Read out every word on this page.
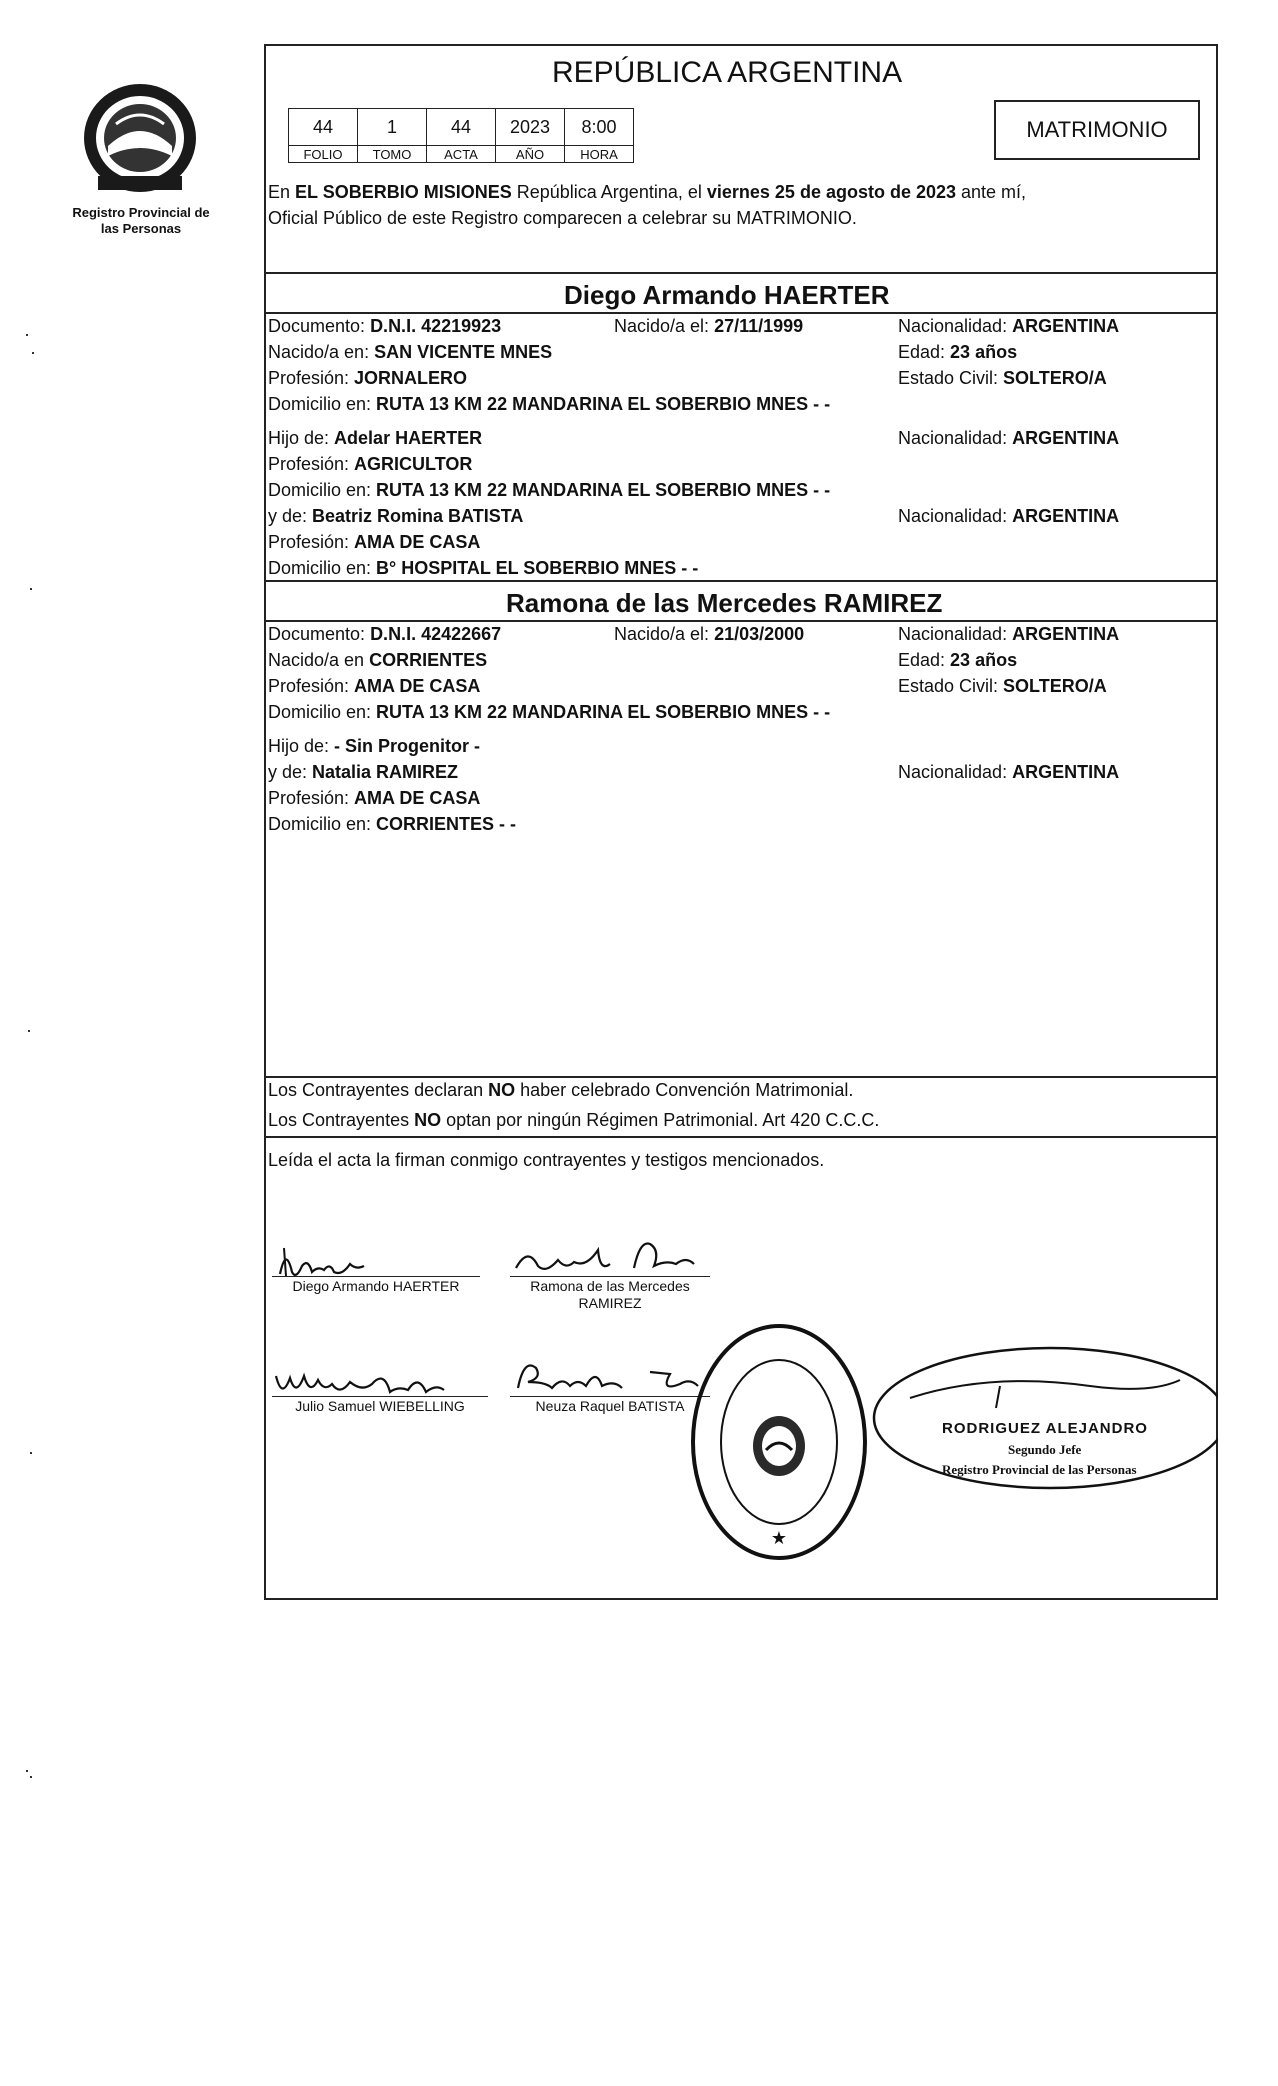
Registro Provincial de las Personas
REPÚBLICA ARGENTINA
44	1	44	2023	8:00
FOLIO	TOMO	ACTA	AÑO	HORA
MATRIMONIO
En EL SOBERBIO MISIONES República Argentina, el viernes 25 de agosto de 2023 ante mí,
Oficial Público de este Registro comparecen a celebrar su MATRIMONIO.
Diego Armando HAERTER
Documento: D.N.I. 42219923	Nacido/a el: 27/11/1999	Nacionalidad: ARGENTINA
Nacido/a en: SAN VICENTE MNES	Edad: 23 años
Profesión: JORNALERO	Estado Civil: SOLTERO/A
Domicilio en: RUTA 13 KM 22 MANDARINA EL SOBERBIO MNES - -
Hijo de: Adelar HAERTER	Nacionalidad: ARGENTINA
Profesión: AGRICULTOR
Domicilio en: RUTA 13 KM 22 MANDARINA EL SOBERBIO MNES - -
y de: Beatriz Romina BATISTA	Nacionalidad: ARGENTINA
Profesión: AMA DE CASA
Domicilio en: B° HOSPITAL EL SOBERBIO MNES - -
Ramona de las Mercedes RAMIREZ
Documento: D.N.I. 42422667	Nacido/a el: 21/03/2000	Nacionalidad: ARGENTINA
Nacido/a en CORRIENTES	Edad: 23 años
Profesión: AMA DE CASA	Estado Civil: SOLTERO/A
Domicilio en: RUTA 13 KM 22 MANDARINA EL SOBERBIO MNES - -
Hijo de: - Sin Progenitor -
y de: Natalia RAMIREZ	Nacionalidad: ARGENTINA
Profesión: AMA DE CASA
Domicilio en: CORRIENTES - -
Los Contrayentes declaran NO haber celebrado Convención Matrimonial.
Los Contrayentes NO optan por ningún Régimen Patrimonial. Art 420 C.C.C.
Leída el acta la firman conmigo contrayentes y testigos mencionados.
Diego Armando HAERTER	Ramona de las Mercedes
RAMIREZ
Julio Samuel WIEBELLING	Neuza Raquel BATISTA
★
RODRIGUEZ ALEJANDRO
Segundo Jefe
Registro Provincial de las Personas
